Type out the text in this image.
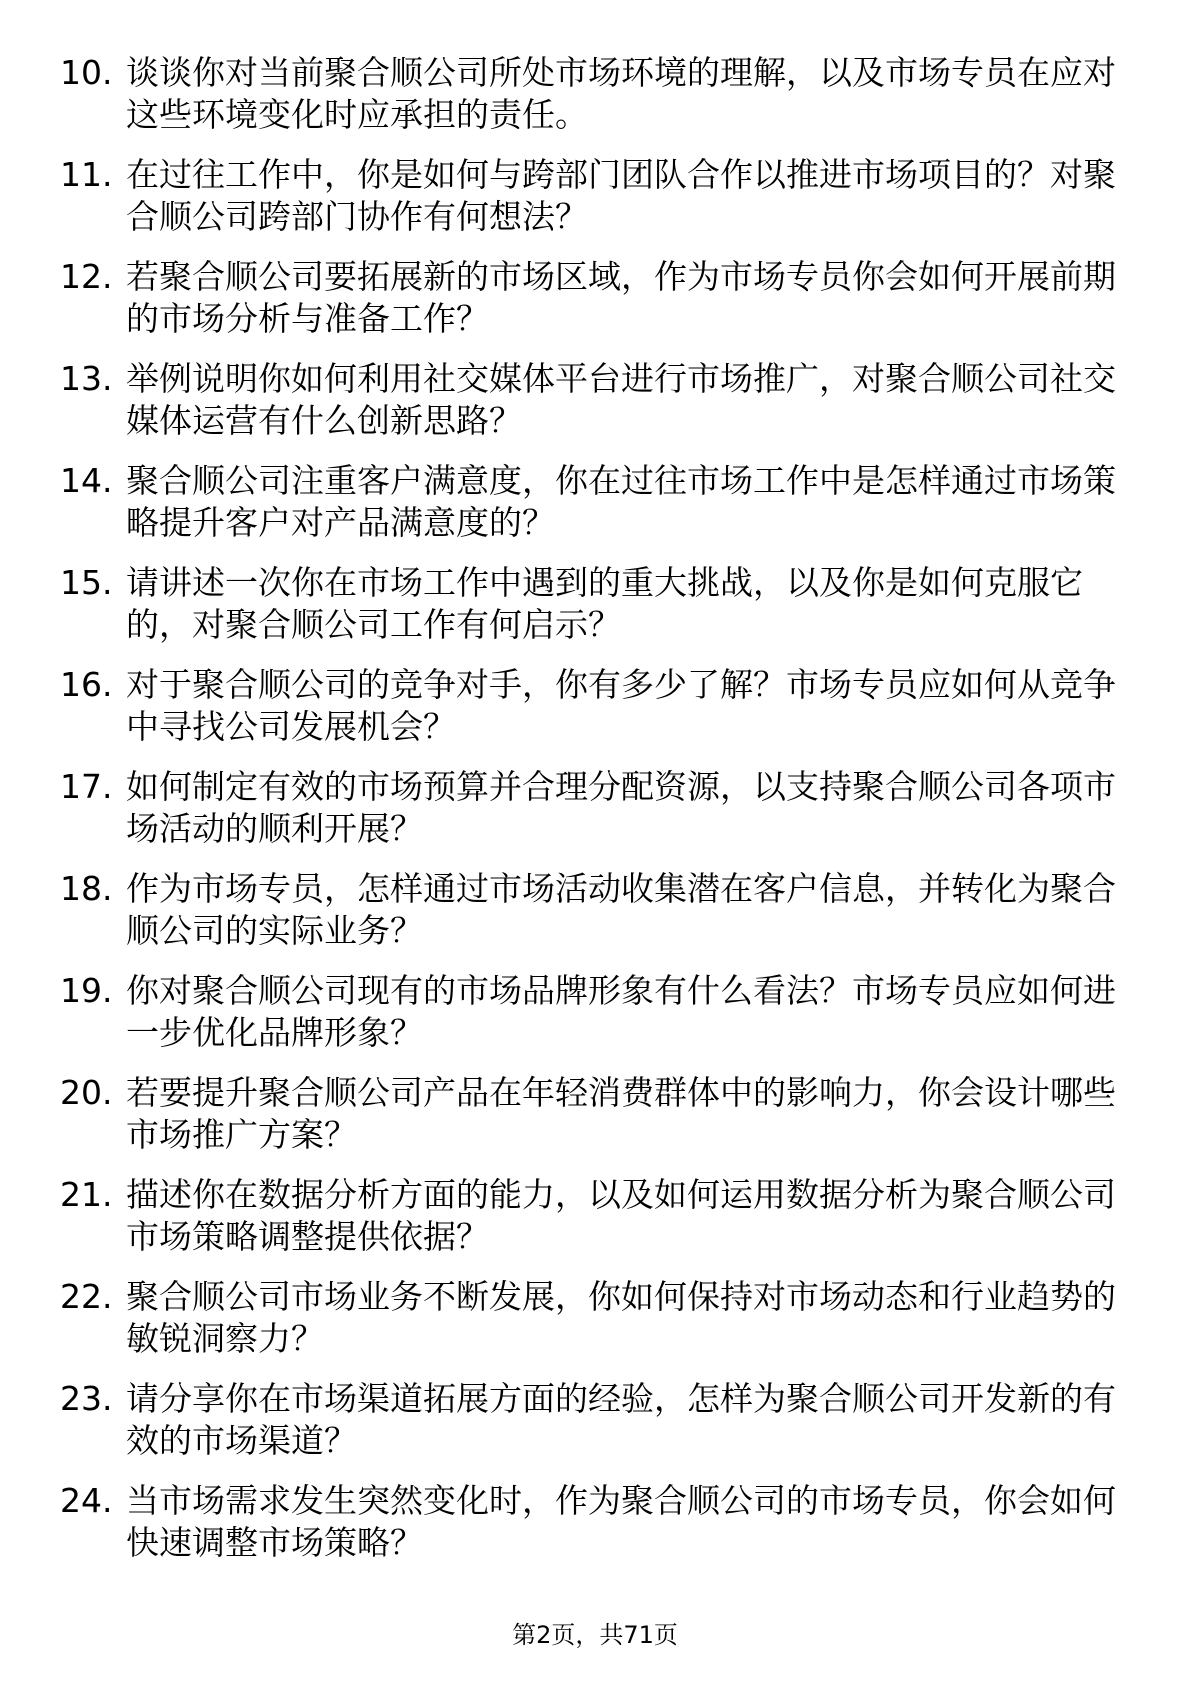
10. 谈谈你对当前聚合顺公司所处市场环境的理解，以及市场专员在应对这些环境变化时应承担的责任。
11. 在过往工作中，你是如何与跨部门团队合作以推进市场项目的？对聚合顺公司跨部门协作有何想法？
12. 若聚合顺公司要拓展新的市场区域，作为市场专员你会如何开展前期的市场分析与准备工作？
13. 举例说明你如何利用社交媒体平台进行市场推广，对聚合顺公司社交媒体运营有什么创新思路？
14. 聚合顺公司注重客户满意度，你在过往市场工作中是怎样通过市场策略提升客户对产品满意度的？
15. 请讲述一次你在市场工作中遇到的重大挑战，以及你是如何克服它的，对聚合顺公司工作有何启示？
16. 对于聚合顺公司的竞争对手，你有多少了解？市场专员应如何从竞争中寻找公司发展机会？
17. 如何制定有效的市场预算并合理分配资源，以支持聚合顺公司各项市场活动的顺利开展？
18. 作为市场专员，怎样通过市场活动收集潜在客户信息，并转化为聚合顺公司的实际业务？
19. 你对聚合顺公司现有的市场品牌形象有什么看法？市场专员应如何进一步优化品牌形象？
20. 若要提升聚合顺公司产品在年轻消费群体中的影响力，你会设计哪些市场推广方案？
21. 描述你在数据分析方面的能力，以及如何运用数据分析为聚合顺公司市场策略调整提供依据？
22. 聚合顺公司市场业务不断发展，你如何保持对市场动态和行业趋势的敏锐洞察力？
23. 请分享你在市场渠道拓展方面的经验，怎样为聚合顺公司开发新的有效的市场渠道？
24. 当市场需求发生突然变化时，作为聚合顺公司的市场专员，你会如何快速调整市场策略？
第2页，共71页
